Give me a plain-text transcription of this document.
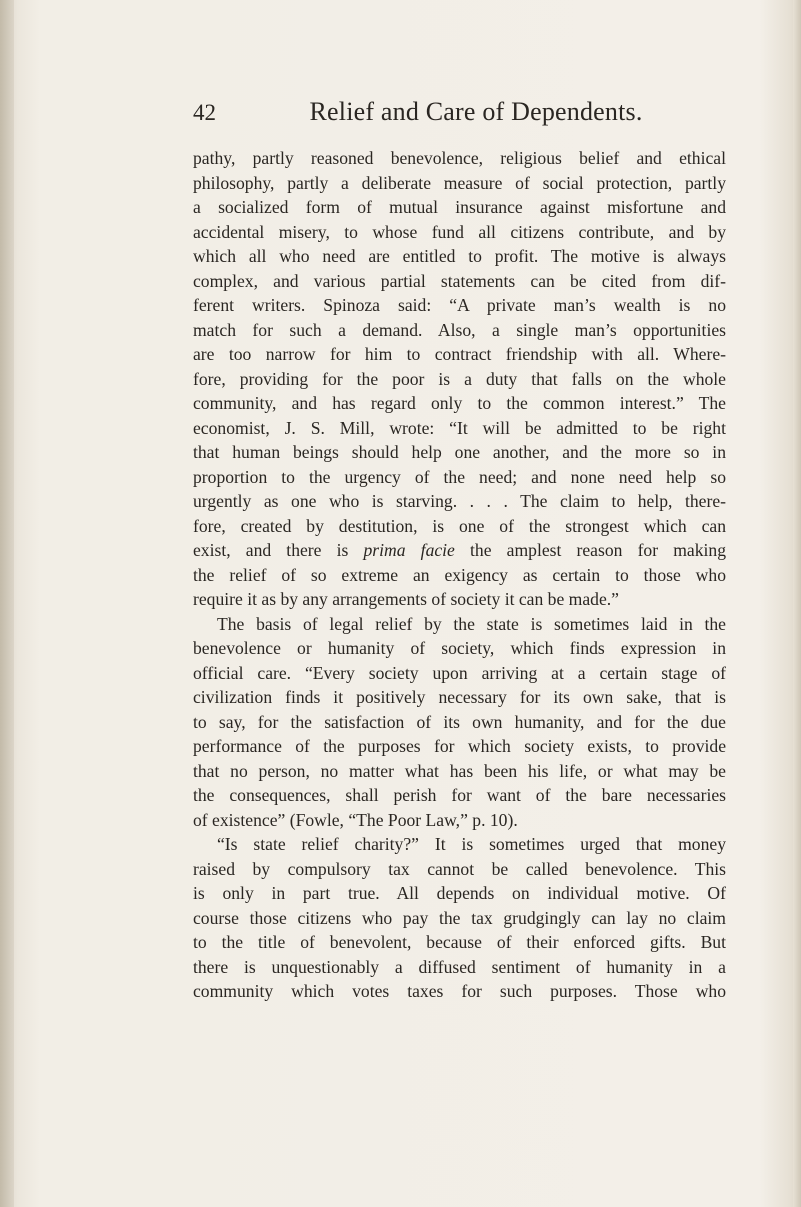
42	Relief and Care of Dependents.
pathy, partly reasoned benevolence, religious belief and ethical
philosophy, partly a deliberate measure of social protection, partly
a socialized form of mutual insurance against misfortune and
accidental misery, to whose fund all citizens contribute, and by
which all who need are entitled to profit. The motive is always
complex, and various partial statements can be cited from dif-
ferent writers. Spinoza said: “A private man’s wealth is no
match for such a demand. Also, a single man’s opportunities
are too narrow for him to contract friendship with all. Where-
fore, providing for the poor is a duty that falls on the whole
community, and has regard only to the common interest.” The
economist, J. S. Mill, wrote: “It will be admitted to be right
that human beings should help one another, and the more so in
proportion to the urgency of the need; and none need help so
urgently as one who is starving. . . . The claim to help, there-
fore, created by destitution, is one of the strongest which can
exist, and there is prima facie the amplest reason for making
the relief of so extreme an exigency as certain to those who
require it as by any arrangements of society it can be made.”
The basis of legal relief by the state is sometimes laid in the
benevolence or humanity of society, which finds expression in
official care. “Every society upon arriving at a certain stage of
civilization finds it positively necessary for its own sake, that is
to say, for the satisfaction of its own humanity, and for the due
performance of the purposes for which society exists, to provide
that no person, no matter what has been his life, or what may be
the consequences, shall perish for want of the bare necessaries
of existence” (Fowle, “The Poor Law,” p. 10).
“Is state relief charity?” It is sometimes urged that money
raised by compulsory tax cannot be called benevolence. This
is only in part true. All depends on individual motive. Of
course those citizens who pay the tax grudgingly can lay no claim
to the title of benevolent, because of their enforced gifts. But
there is unquestionably a diffused sentiment of humanity in a
community which votes taxes for such purposes. Those who
